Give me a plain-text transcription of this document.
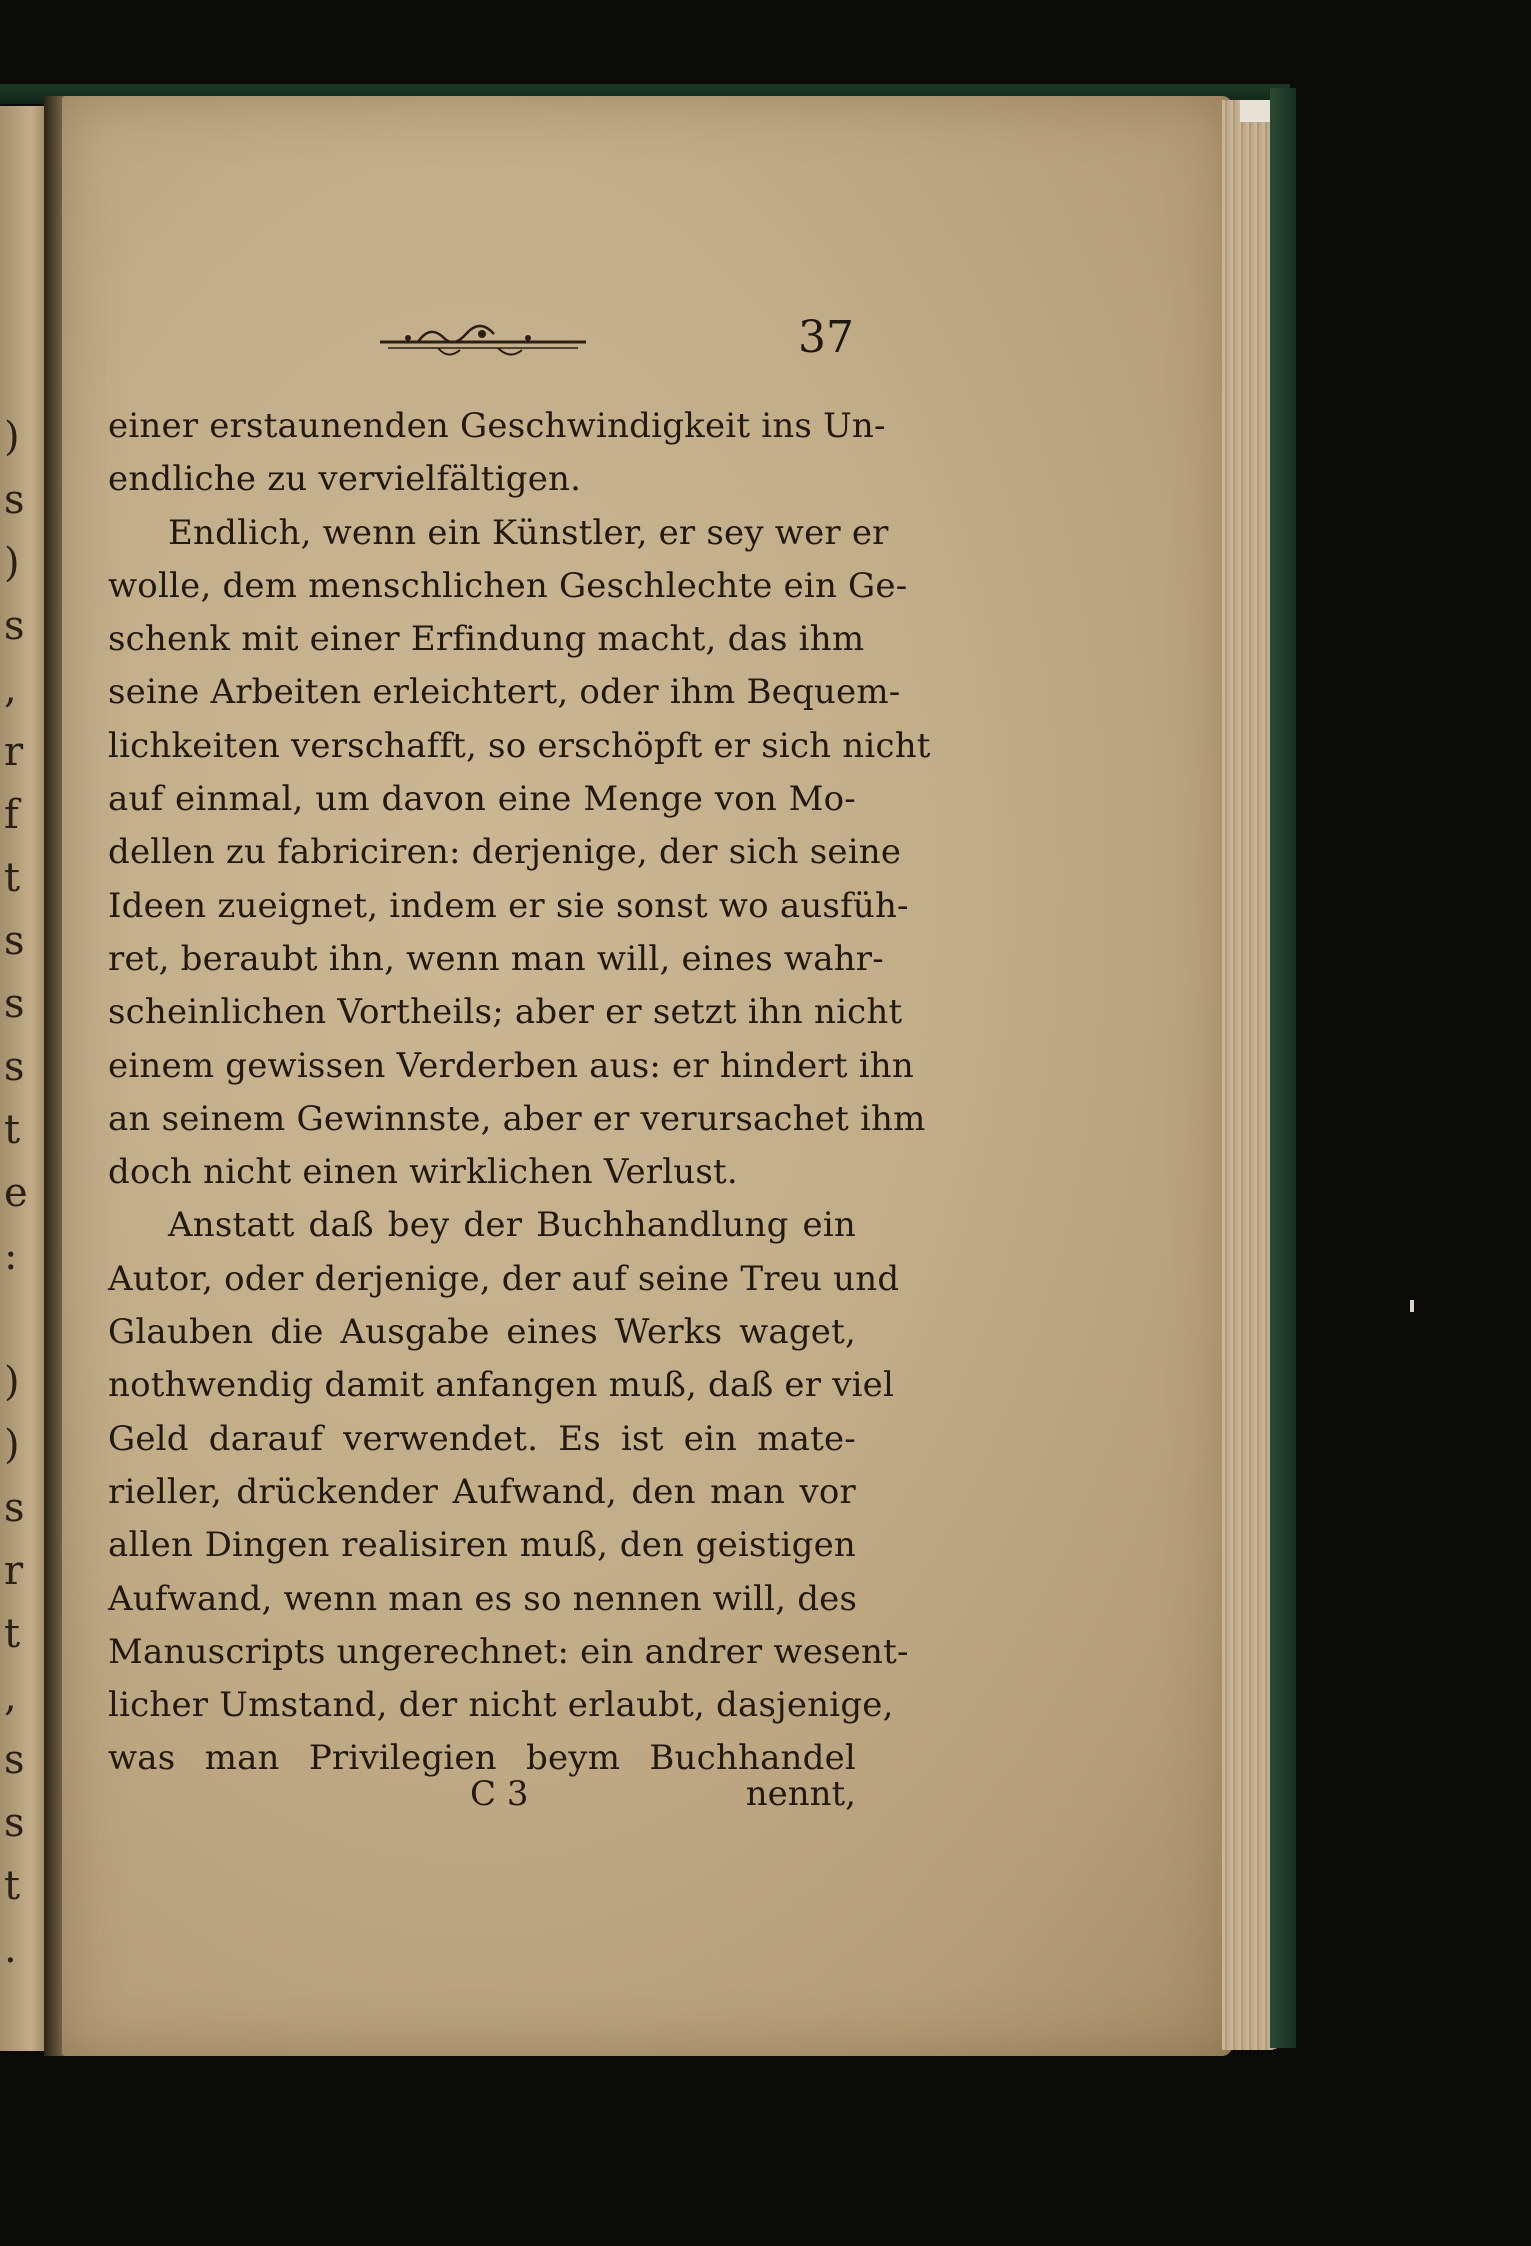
)
s
)
s
,
r
f
t
s
s
s
t
e
:
)
)
s
r
t
,
s
s
t
.
37
einer erstaunenden Geschwindigkeit ins Un-
endliche zu vervielfältigen.
Endlich, wenn ein Künstler, er sey wer er
wolle, dem menschlichen Geschlechte ein Ge-
schenk mit einer Erfindung macht, das ihm
seine Arbeiten erleichtert, oder ihm Bequem-
lichkeiten verschafft, so erschöpft er sich nicht
auf einmal, um davon eine Menge von Mo-
dellen zu fabriciren: derjenige, der sich seine
Ideen zueignet, indem er sie sonst wo ausfüh-
ret, beraubt ihn, wenn man will, eines wahr-
scheinlichen Vortheils; aber er setzt ihn nicht
einem gewissen Verderben aus: er hindert ihn
an seinem Gewinnste, aber er verursachet ihm
doch nicht einen wirklichen Verlust.
Anstatt daß bey der Buchhandlung ein
Autor, oder derjenige, der auf seine Treu und
Glauben die Ausgabe eines Werks waget,
nothwendig damit anfangen muß, daß er viel
Geld darauf verwendet. Es ist ein mate-
rieller, drückender Aufwand, den man vor
allen Dingen realisiren muß, den geistigen
Aufwand, wenn man es so nennen will, des
Manuscripts ungerechnet: ein andrer wesent-
licher Umstand, der nicht erlaubt, dasjenige,
was man Privilegien beym Buchhandel
C 3	nennt,
